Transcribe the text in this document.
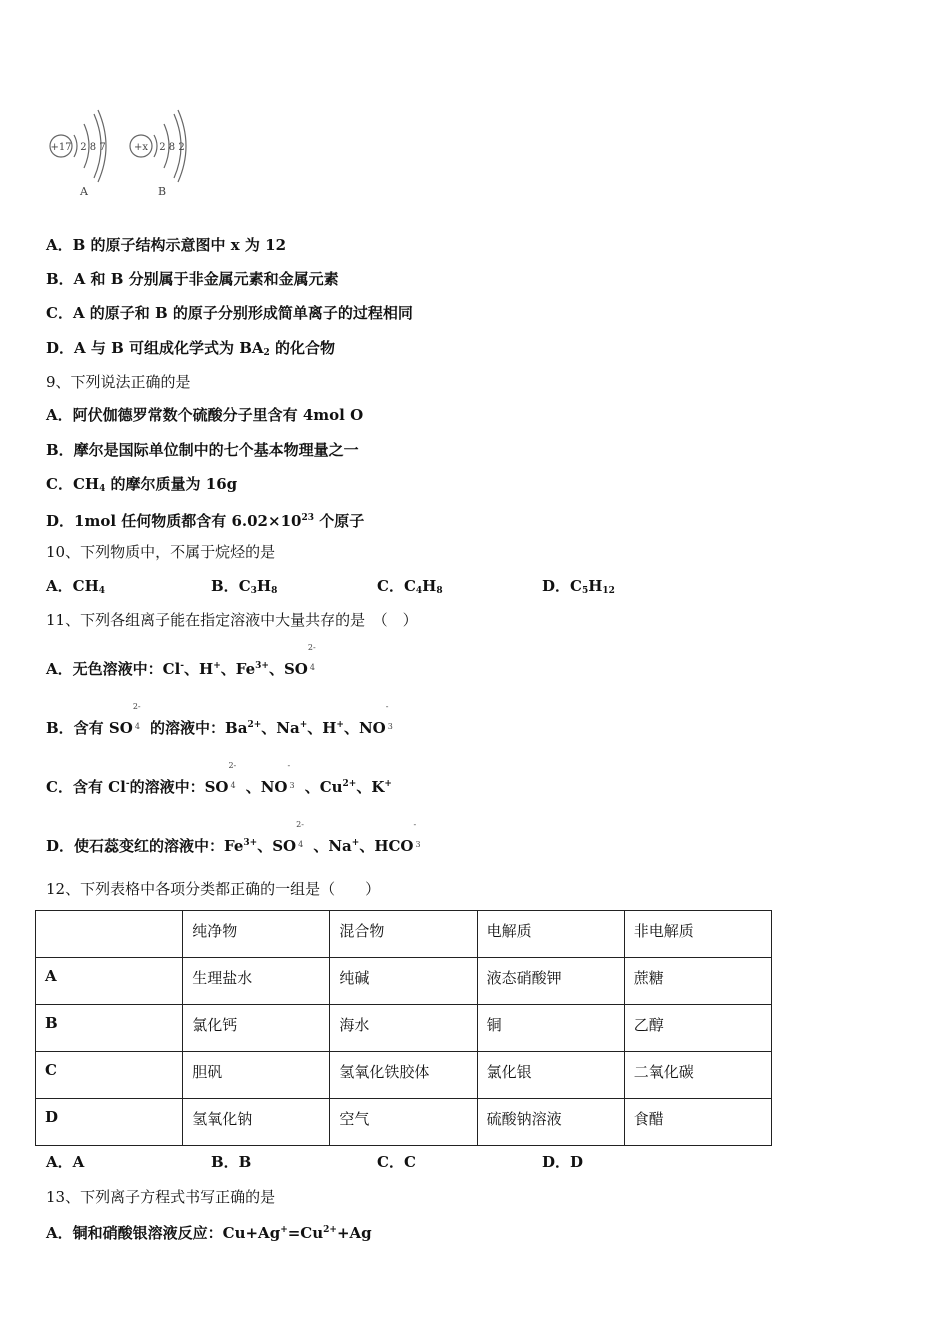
+17 2 8 7
A
+x 2 8 2
B
A．B 的原子结构示意图中 x 为 12
B．A 和 B 分别属于非金属元素和金属元素
C．A 的原子和 B 的原子分别形成简单离子的过程相同
D．A 与 B 可组成化学式为 $BA_2$ 的化合物
9、下列说法正确的是
A．阿伏伽德罗常数个硫酸分子里含有 4mol O
B．摩尔是国际单位制中的七个基本物理量之一
C．$CH_4$ 的摩尔质量为 16g
D．1mol 任何物质都含有 $6.02\times 10^{23}$ 个原子
10、下列物质中，不属于烷烃的是
A．$CH_4$	B．$C_3H_8$	C．$C_4H_8$	D．$C_5H_{12}$
11、下列各组离子能在指定溶液中大量共存的是　（　）
A．无色溶液中：Cl-、H+、$Fe^{3+}$、SO
2-
4
B．含有 SO
2-
4 的溶液中：$Ba^{2+}$、Na+、H+、NO
-
3
C．含有 Cl-的溶液中：SO
2-
4 、NO
-
3 、$Cu^{2+}$、K+
D．使石蕊变红的溶液中：$Fe^{3+}$、SO
2-
4 、Na+、HCO
-
3
12、下列表格中各项分类都正确的一组是（　　）
	纯净物	混合物	电解质	非电解质
A	生理盐水	纯碱	液态硝酸钾	蔗糖
B	氯化钙	海水	铜	乙醇
C	胆矾	氢氧化铁胶体	氯化银	二氧化碳
D	氢氧化钠	空气	硫酸钠溶液	食醋
A．A	B．B	C．C	D．D
13、下列离子方程式书写正确的是
A．铜和硝酸银溶液反应：$Cu+Ag^+=Cu^{2+}+Ag$
